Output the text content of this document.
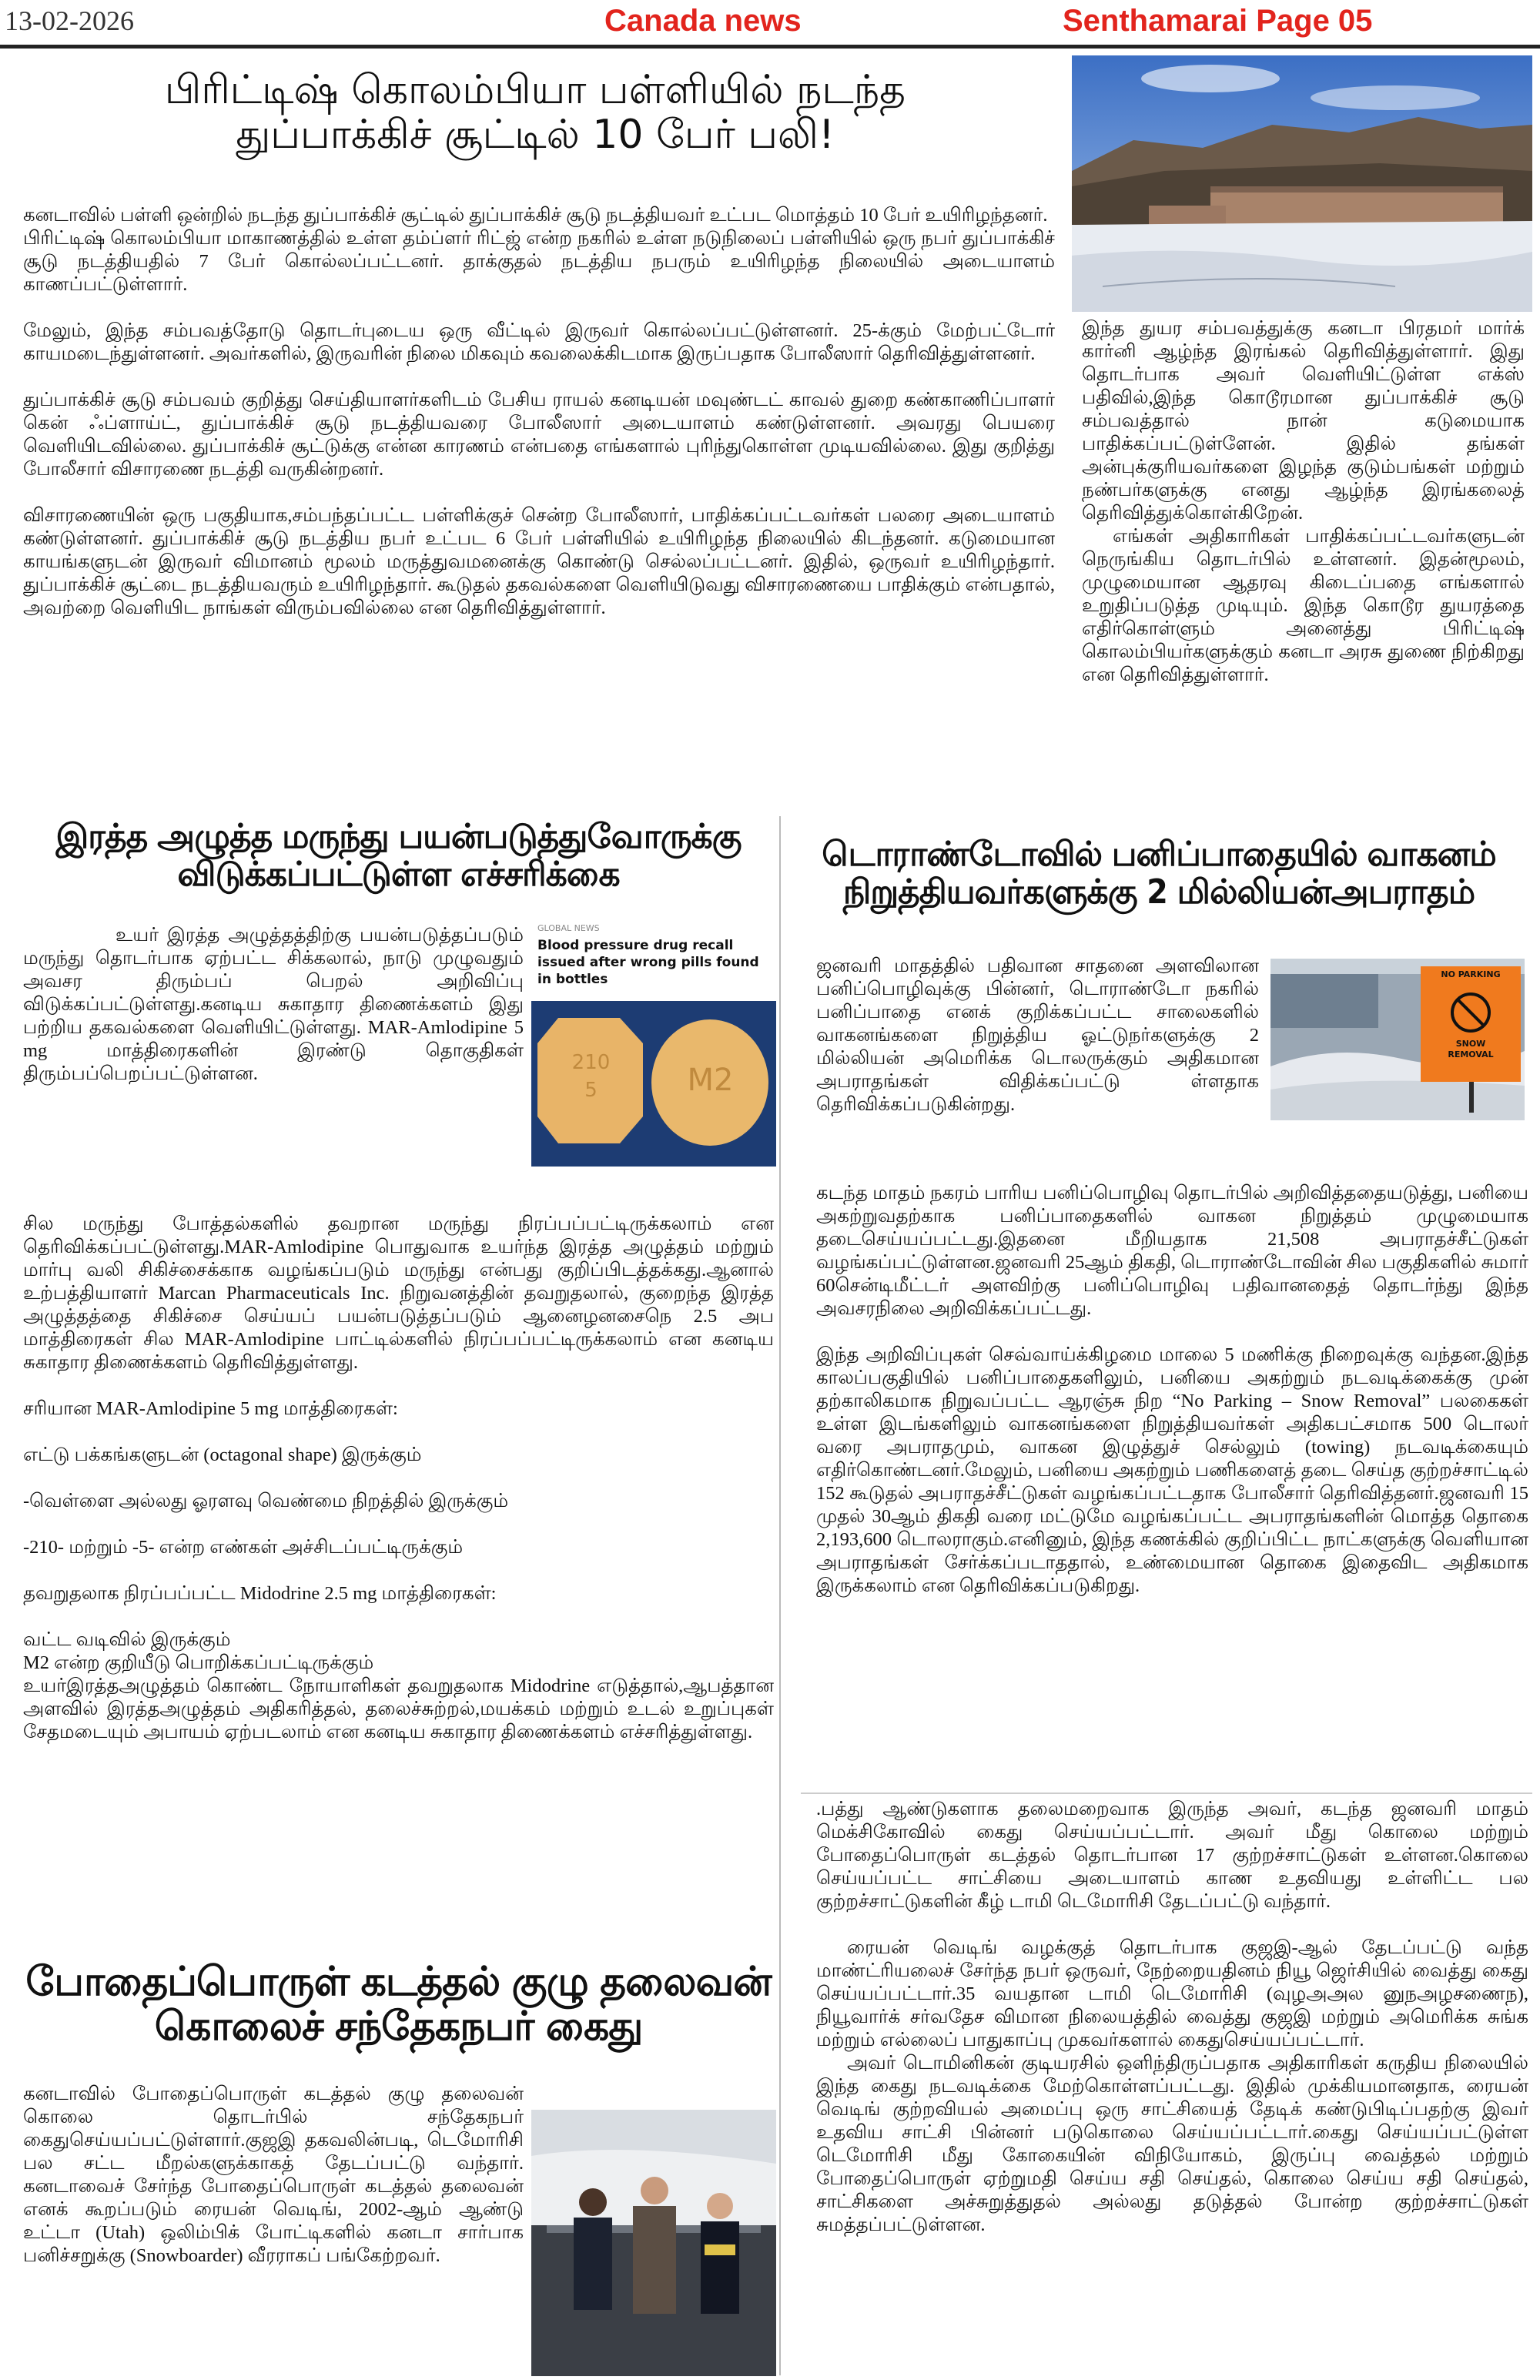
13-02-2026	Canada news	Senthamarai Page 05
பிரிட்டிஷ் கொலம்பியா பள்ளியில் நடந்த
துப்பாக்கிச் சூட்டில் 10 பேர் பலி!

கனடாவில் பள்ளி ஒன்றில் நடந்த துப்பாக்கிச் சூட்டில் துப்பாக்கிச் சூடு நடத்தியவர் உட்பட மொத்தம் 10 பேர் உயிரிழந்தனர்.

பிரிட்டிஷ் கொலம்பியா மாகாணத்தில் உள்ள தம்ப்ளர் ரிட்ஜ் என்ற நகரில் உள்ள நடுநிலைப் பள்ளியில் ஒரு நபர் துப்பாக்கிச் சூடு நடத்தியதில் 7 பேர் கொல்லப்பட்டனர். தாக்குதல் நடத்திய நபரும் உயிரிழந்த நிலையில் அடையாளம் காணப்பட்டுள்ளார்.

மேலும், இந்த சம்பவத்தோடு தொடர்புடைய ஒரு வீட்டில் இருவர் கொல்லப்பட்டுள்ளனர். 25-க்கும் மேற்பட்டோர் காயமடைந்துள்ளனர். அவர்களில், இருவரின் நிலை மிகவும் கவலைக்கிடமாக இருப்பதாக போலீஸார் தெரிவித்துள்ளனர்.

துப்பாக்கிச் சூடு சம்பவம் குறித்து செய்தியாளர்களிடம் பேசிய ராயல் கனடியன் மவுண்டட் காவல் துறை கண்காணிப்பாளர் கென் ஃப்ளாய்ட், துப்பாக்கிச் சூடு நடத்தியவரை போலீஸார் அடையாளம் கண்டுள்ளனர். அவரது பெயரை வெளியிடவில்லை. துப்பாக்கிச் சூட்டுக்கு என்ன காரணம் என்பதை எங்களால் புரிந்துகொள்ள முடியவில்லை. இது குறித்து போலீசார் விசாரணை நடத்தி வருகின்றனர்.

விசாரணையின் ஒரு பகுதியாக,சம்பந்தப்பட்ட பள்ளிக்குச் சென்ற போலீஸார், பாதிக்கப்பட்டவர்கள் பலரை அடையாளம் கண்டுள்ளனர். துப்பாக்கிச் சூடு நடத்திய நபர் உட்பட 6 பேர் பள்ளியில் உயிரிழந்த நிலையில் கிடந்தனர். கடுமையான காயங்களுடன் இருவர் விமானம் மூலம் மருத்துவமனைக்கு கொண்டு செல்லப்பட்டனர். இதில், ஒருவர் உயிரிழந்தார். துப்பாக்கிச் சூட்டை நடத்தியவரும் உயிரிழந்தார். கூடுதல் தகவல்களை வெளியிடுவது விசாரணையை பாதிக்கும் என்பதால், அவற்றை வெளியிட நாங்கள் விரும்பவில்லை என தெரிவித்துள்ளார்.

இந்த துயர சம்பவத்துக்கு கனடா பிரதமர் மார்க் கார்னி ஆழ்ந்த இரங்கல் தெரிவித்துள்ளார். இது தொடர்பாக அவர் வெளியிட்டுள்ள எக்ஸ் பதிவில்,இந்த கொடூரமான துப்பாக்கிச் சூடு சம்பவத்தால் நான் கடுமையாக பாதிக்கப்பட்டுள்ளேன். இதில் தங்கள் அன்புக்குரியவர்களை இழந்த குடும்பங்கள் மற்றும் நண்பர்களுக்கு எனது ஆழ்ந்த இரங்கலைத் தெரிவித்துக்கொள்கிறேன்.

எங்கள் அதிகாரிகள் பாதிக்கப்பட்டவர்களுடன் நெருங்கிய தொடர்பில் உள்ளனர். இதன்மூலம், முழுமையான ஆதரவு கிடைப்பதை எங்களால் உறுதிப்படுத்த முடியும். இந்த கொடூர துயரத்தை எதிர்கொள்ளும் அனைத்து பிரிட்டிஷ் கொலம்பியர்களுக்கும் கனடா அரசு துணை நிற்கிறது என தெரிவித்துள்ளார்.

இரத்த அழுத்த மருந்து பயன்படுத்துவோருக்கு
விடுக்கப்பட்டுள்ள எச்சரிக்கை
GLOBAL NEWS
Blood pressure drug recall issued after wrong pills found in bottles
210
5	M2

உயர் இரத்த அழுத்தத்திற்கு பயன்படுத்தப்படும் மருந்து தொடர்பாக ஏற்பட்ட சிக்கலால், நாடு முழுவதும் அவசர திரும்பப் பெறல் அறிவிப்பு விடுக்கப்பட்டுள்ளது.கனடிய சுகாதார திணைக்களம் இது பற்றிய தகவல்களை வெளியிட்டுள்ளது. MAR-Amlodipine 5 mg மாத்திரைகளின் இரண்டு தொகுதிகள் திரும்பப்பெறப்பட்டுள்ளன.

சில மருந்து போத்தல்களில் தவறான மருந்து நிரப்பப்பட்டிருக்கலாம் என தெரிவிக்கப்பட்டுள்ளது.MAR-Amlodipine பொதுவாக உயர்ந்த இரத்த அழுத்தம் மற்றும் மார்பு வலி சிகிச்சைக்காக வழங்கப்படும் மருந்து என்பது குறிப்பிடத்தக்கது.ஆனால் உற்பத்தியாளர் Marcan Pharmaceuticals Inc. நிறுவனத்தின் தவறுதலால், குறைந்த இரத்த அழுத்தத்தை சிகிச்சை செய்யப் பயன்படுத்தப்படும் ஆனைழனசைநெ 2.5 அப மாத்திரைகள் சில MAR-Amlodipine பாட்டில்களில் நிரப்பப்பட்டிருக்கலாம் என கனடிய சுகாதார திணைக்களம் தெரிவித்துள்ளது.

சரியான MAR-Amlodipine 5 mg மாத்திரைகள்:

எட்டு பக்கங்களுடன் (octagonal shape) இருக்கும்

-வெள்ளை அல்லது ஓரளவு வெண்மை நிறத்தில் இருக்கும்

-210- மற்றும் -5- என்ற எண்கள் அச்சிடப்பட்டிருக்கும்

தவறுதலாக நிரப்பப்பட்ட Midodrine 2.5 mg மாத்திரைகள்:

வட்ட வடிவில் இருக்கும்

M2 என்ற குறியீடு பொறிக்கப்பட்டிருக்கும்

உயர்இரத்தஅழுத்தம் கொண்ட நோயாளிகள் தவறுதலாக Midodrine எடுத்தால்,ஆபத்தான அளவில் இரத்தஅழுத்தம் அதிகரித்தல், தலைச்சுற்றல்,மயக்கம் மற்றும் உடல் உறுப்புகள் சேதமடையும் அபாயம் ஏற்படலாம் என கனடிய சுகாதார திணைக்களம் எச்சரித்துள்ளது.

டொராண்டோவில் பனிப்பாதையில் வாகனம்
நிறுத்தியவர்களுக்கு 2 மில்லியன்அபராதம்
NO PARKING
SNOW
REMOVAL

ஜனவரி மாதத்தில் பதிவான சாதனை அளவிலான பனிப்பொழிவுக்கு பின்னர், டொராண்டோ நகரில் பனிப்பாதை எனக் குறிக்கப்பட்ட சாலைகளில் வாகனங்களை நிறுத்திய ஓட்டுநர்களுக்கு 2 மில்லியன் அமெரிக்க டொலருக்கும் அதிகமான அபராதங்கள் விதிக்கப்பட்டு ள்ளதாக தெரிவிக்கப்படுகின்றது.

கடந்த மாதம் நகரம் பாரிய பனிப்பொழிவு தொடர்பில் அறிவித்ததையடுத்து, பனியை அகற்றுவதற்காக பனிப்பாதைகளில் வாகன நிறுத்தம் முழுமையாக தடைசெய்யப்பட்டது.இதனை மீறியதாக 21,508 அபராதச்சீட்டுகள் வழங்கப்பட்டுள்ளன.ஜனவரி 25ஆம் திகதி, டொராண்டோவின் சில பகுதிகளில் சுமார் 60சென்டிமீட்டர் அளவிற்கு பனிப்பொழிவு பதிவானதைத் தொடர்ந்து இந்த அவசரநிலை அறிவிக்கப்பட்டது.

இந்த அறிவிப்புகள் செவ்வாய்க்கிழமை மாலை 5 மணிக்கு நிறைவுக்கு வந்தன.இந்த காலப்பகுதியில் பனிப்பாதைகளிலும், பனியை அகற்றும் நடவடிக்கைக்கு முன் தற்காலிகமாக நிறுவப்பட்ட ஆரஞ்சு நிற “No Parking – Snow Removal” பலகைகள் உள்ள இடங்களிலும் வாகனங்களை நிறுத்தியவர்கள் அதிகபட்சமாக 500 டொலர் வரை அபராதமும், வாகன இழுத்துச் செல்லும் (towing) நடவடிக்கையும் எதிர்கொண்டனர்.மேலும், பனியை அகற்றும் பணிகளைத் தடை செய்த குற்றச்சாட்டில் 152 கூடுதல் அபராதச்சீட்டுகள் வழங்கப்பட்டதாக போலீசார் தெரிவித்தனர்.ஜனவரி 15 முதல் 30ஆம் திகதி வரை மட்டுமே வழங்கப்பட்ட அபராதங்களின் மொத்த தொகை 2,193,600 டொலராகும்.எனினும், இந்த கணக்கில் குறிப்பிட்ட நாட்களுக்கு வெளியான அபராதங்கள் சேர்க்கப்படாததால், உண்மையான தொகை இதைவிட அதிகமாக இருக்கலாம் என தெரிவிக்கப்படுகிறது.

.பத்து ஆண்டுகளாக தலைமறைவாக இருந்த அவர், கடந்த ஜனவரி மாதம் மெக்சிகோவில் கைது செய்யப்பட்டார். அவர் மீது கொலை மற்றும் போதைப்பொருள் கடத்தல் தொடர்பான 17 குற்றச்சாட்டுகள் உள்ளன.கொலை செய்யப்பட்ட சாட்சியை அடையாளம் காண உதவியது உள்ளிட்ட பல குற்றச்சாட்டுகளின் கீழ் டாமி டெமோரிசி தேடப்பட்டு வந்தார்.

ரையன் வெடிங் வழக்குத் தொடர்பாக குஜஇ-ஆல் தேடப்பட்டு வந்த மாண்ட்ரியலைச் சேர்ந்த நபர் ஒருவர், நேற்றையதினம் நியூ ஜெர்சியில் வைத்து கைது செய்யப்பட்டார்.35 வயதான டாமி டெமோரிசி (வுழஅஅல னுநஅழசணைந), நியூவார்க் சர்வதேச விமான நிலையத்தில் வைத்து குஜஇ மற்றும் அமெரிக்க சுங்க மற்றும் எல்லைப் பாதுகாப்பு முகவர்களால் கைதுசெய்யப்பட்டார்.

அவர் டொமினிகன் குடியரசில் ஒளிந்திருப்பதாக அதிகாரிகள் கருதிய நிலையில் இந்த கைது நடவடிக்கை மேற்கொள்ளப்பட்டது. இதில் முக்கியமானதாக, ரையன் வெடிங் குற்றவியல் அமைப்பு ஒரு சாட்சியைத் தேடிக் கண்டுபிடிப்பதற்கு இவர் உதவிய சாட்சி பின்னர் படுகொலை செய்யப்பட்டார்.கைது செய்யப்பட்டுள்ள டெமோரிசி மீது கோகையின் விநியோகம், இருப்பு வைத்தல் மற்றும் போதைப்பொருள் ஏற்றுமதி செய்ய சதி செய்தல், கொலை செய்ய சதி செய்தல், சாட்சிகளை அச்சுறுத்துதல் அல்லது தடுத்தல் போன்ற குற்றச்சாட்டுகள் சுமத்தப்பட்டுள்ளன.

போதைப்பொருள் கடத்தல் குழு தலைவன்
கொலைச் சந்தேகநபர் கைது

கனடாவில் போதைப்பொருள் கடத்தல் குழு தலைவன் கொலை தொடர்பில் சந்தேகநபர் கைதுசெய்யப்பட்டுள்ளார்.குஜஇ தகவலின்படி, டெமோரிசி பல சட்ட மீறல்களுக்காகத் தேடப்பட்டு வந்தார். கனடாவைச் சேர்ந்த போதைப்பொருள் கடத்தல் தலைவன் எனக் கூறப்படும் ரையன் வெடிங், 2002-ஆம் ஆண்டு உட்டா (Utah) ஒலிம்பிக் போட்டிகளில் கனடா சார்பாக பனிச்சறுக்கு (Snowboarder) வீரராகப் பங்கேற்றவர்.
